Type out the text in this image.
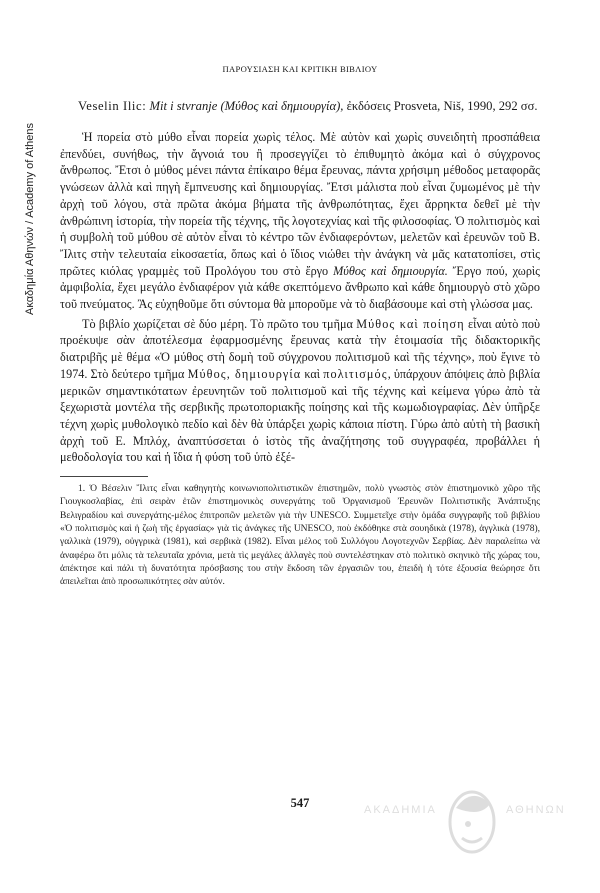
Ακαδημία Αθηνών / Academy of Athens
ΠΑΡΟΥΣΙΑΣΗ ΚΑΙ ΚΡΙΤΙΚΗ ΒΙΒΛΙΟΥ
Veselin Ilic: Mit i stvranje (Μύθος καὶ δημιουργία), ἐκδόσεις Prosveta, Niš, 1990, 292 σσ.

Ἡ πορεία στὸ μύθο εἶναι πορεία χωρὶς τέλος. Μὲ αὐτὸν καὶ χωρὶς συνειδητὴ προσπάθεια ἐπενδύει, συνήθως, τὴν ἄγνοιά του ἢ προσεγγίζει τὸ ἐπιθυμητὸ ἀκόμα καὶ ὁ σύγχρονος ἄνθρωπος. Ἔτσι ὁ μύθος μένει πάντα ἐπίκαιρο θέμα ἔρευνας, πάντα χρήσιμη μέθοδος μεταφορᾶς γνώσεων ἀλλὰ καὶ πηγὴ ἔμπνευσης καὶ δημιουργίας. Ἔτσι μάλιστα ποὺ εἶναι ζυμωμένος μὲ τὴν ἀρχὴ τοῦ λόγου, στὰ πρῶτα ἀκόμα βήματα τῆς ἀνθρωπότητας, ἔχει ἄρρηκτα δεθεῖ μὲ τὴν ἀνθρώπινη ἱστορία, τὴν πορεία τῆς τέχνης, τῆς λογοτεχνίας καὶ τῆς φιλοσοφίας. Ὁ πολιτισμὸς καὶ ἡ συμβολὴ τοῦ μύθου σὲ αὐτὸν εἶναι τὸ κέντρο τῶν ἐνδιαφερόντων, μελετῶν καὶ ἐρευνῶν τοῦ Β. Ἴλιτς στὴν τελευταία εἰκοσαετία, ὅπως καὶ ὁ ἴδιος νιώθει τὴν ἀνάγκη νὰ μᾶς κατατοπίσει, στὶς πρῶτες κιόλας γραμμὲς τοῦ Προλόγου του στὸ ἔργο Μύθος καὶ δημιουργία. Ἔργο πού, χωρὶς ἀμφιβολία, ἔχει μεγάλο ἐνδιαφέρον γιὰ κάθε σκεπτόμενο ἄνθρωπο καὶ κάθε δημιουργὸ στὸ χῶρο τοῦ πνεύματος. Ἂς εὐχηθοῦμε ὅτι σύντομα θὰ μποροῦμε νὰ τὸ διαβάσουμε καὶ στὴ γλώσσα μας.

Τὸ βιβλίο χωρίζεται σὲ δύο μέρη. Τὸ πρῶτο του τμῆμα Μύθος καὶ ποίηση εἶναι αὐτὸ ποὺ προέκυψε σὰν ἀποτέλεσμα ἐφαρμοσμένης ἔρευνας κατὰ τὴν ἑτοιμασία τῆς διδακτορικῆς διατριβῆς μὲ θέμα «Ὁ μύθος στὴ δομὴ τοῦ σύγχρονου πολιτισμοῦ καὶ τῆς τέχνης», ποὺ ἔγινε τὸ 1974. Στὸ δεύτερο τμῆμα Μύθος, δημιουργία καὶ πολιτισμός, ὑπάρχουν ἀπόψεις ἀπὸ βιβλία μερικῶν σημαντικότατων ἐρευνητῶν τοῦ πολιτισμοῦ καὶ τῆς τέχνης καὶ κείμενα γύρω ἀπὸ τὰ ξεχωριστὰ μοντέλα τῆς σερβικῆς πρωτοποριακῆς ποίησης καὶ τῆς κωμωδιογραφίας. Δὲν ὑπῆρξε τέχνη χωρὶς μυθολογικὸ πεδίο καὶ δὲν θὰ ὑπάρξει χωρὶς κάποια πίστη. Γύρω ἀπὸ αὐτὴ τὴ βασικὴ ἀρχὴ τοῦ Ε. Μπλόχ, ἀναπτύσσεται ὁ ἱστὸς τῆς ἀναζήτησης τοῦ συγγραφέα, προβάλλει ἡ μεθοδολογία του καὶ ἡ ἴδια ἡ φύση τοῦ ὑπὸ ἐξέ-

1. Ὁ Βέσελιν Ἴλιτς εἶναι καθηγητὴς κοινωνιοπολιτιστικῶν ἐπιστημῶν, πολὺ γνωστὸς στὸν ἐπιστημονικὸ χῶρο τῆς Γιουγκοσλαβίας, ἐπὶ σειρὰν ἐτῶν ἐπιστημονικὸς συνεργάτης τοῦ Ὀργανισμοῦ Ἐρευνῶν Πολιτιστικῆς Ἀνάπτυξης Βελιγραδίου καὶ συνεργάτης-μέλος ἐπιτροπῶν μελετῶν γιὰ τὴν UNESCO. Συμμετεῖχε στὴν ὁμάδα συγγραφῆς τοῦ βιβλίου «Ὁ πολιτισμὸς καὶ ἡ ζωὴ τῆς ἐργασίας» γιὰ τὶς ἀνάγκες τῆς UNESCO, ποὺ ἐκδόθηκε στὰ σουηδικὰ (1978), ἀγγλικὰ (1978), γαλλικὰ (1979), οὐγγρικὰ (1981), καὶ σερβικὰ (1982). Εἶναι μέλος τοῦ Συλλόγου Λογοτεχνῶν Σερβίας. Δὲν παραλείπω νὰ ἀναφέρω ὅτι μόλις τὰ τελευταῖα χρόνια, μετὰ τὶς μεγάλες ἀλλαγὲς ποὺ συντελέστηκαν στὸ πολιτικὸ σκηνικὸ τῆς χώρας του, ἀπέκτησε καὶ πάλι τὴ δυνατότητα πρόσβασης του στὴν ἔκδοση τῶν ἐργασιῶν του, ἐπειδὴ ἡ τότε ἐξουσία θεώρησε ὅτι ἀπειλεῖται ἀπὸ προσωπικότητες σὰν αὐτόν.

547	ΑΚΑΔΗΜΙΑ	ΑΘΗΝΩΝ
